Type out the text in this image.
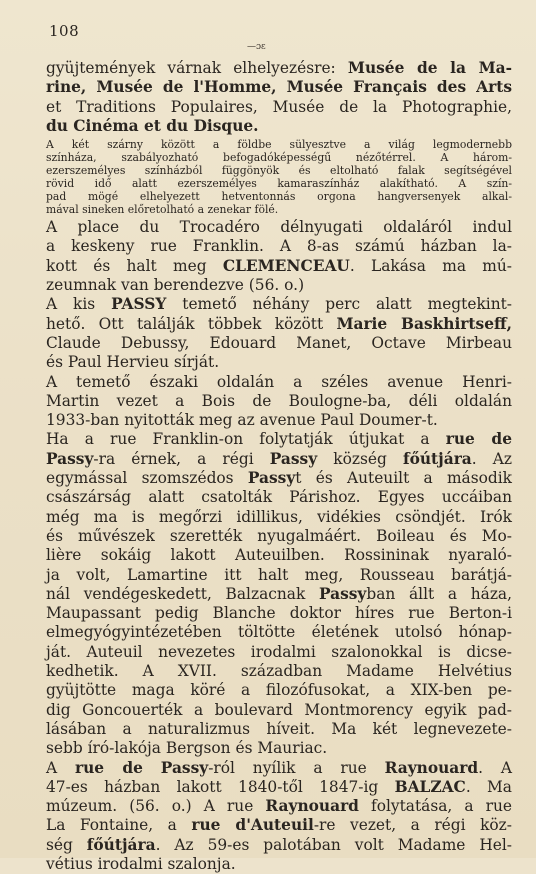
108
—ɔɛ

gyüjtemények várnak elhelyezésre: Musée de la Ma-
rine, Musée de l'Homme, Musée Français des Arts
et Traditions Populaires, Musée de la Photographie,
du Cinéma et du Disque.

A két szárny között a földbe sülyesztve a világ legmodernebb
színháza, szabályozható befogadóképességű nézőtérrel. A három-
ezerszemélyes színházból függönyök és eltolható falak segítségével
rövid idő alatt ezerszemélyes kamaraszínház alakítható. A szín-
pad mögé elhelyezett hetventonnás orgona hangversenyek alkal-
mával sineken előretolható a zenekar fölé.

A place du Trocadéro délnyugati oldaláról indul
a keskeny rue Franklin. A 8-as számú házban la-
kott és halt meg CLEMENCEAU. Lakása ma mú-
zeumnak van berendezve (56. o.)

A kis PASSY temető néhány perc alatt megtekint-
hető. Ott találják többek között Marie Baskhirtseff,
Claude Debussy, Edouard Manet, Octave Mirbeau
és Paul Hervieu sírját.

A temető északi oldalán a széles avenue Henri-
Martin vezet a Bois de Boulogne-ba, déli oldalán
1933-ban nyitották meg az avenue Paul Doumer-t.

Ha a rue Franklin-on folytatják útjukat a rue de
Passy-ra érnek, a régi Passy község főútjára. Az
egymással szomszédos Passyt és Auteuilt a második
császárság alatt csatolták Párishoz. Egyes uccáiban
még ma is megőrzi idillikus, vidékies csöndjét. Irók
és művészek szerették nyugalmáért. Boileau és Mo-
lière sokáig lakott Auteuilben. Rossininak nyaraló-
ja volt, Lamartine itt halt meg, Rousseau barátjá-
nál vendégeskedett, Balzacnak Passyban állt a háza,
Maupassant pedig Blanche doktor híres rue Berton-i
elmegyógyintézetében töltötte életének utolsó hónap-
ját. Auteuil nevezetes irodalmi szalonokkal is dicse-
kedhetik. A XVII. században Madame Helvétius
gyüjtötte maga köré a filozófusokat, a XIX-ben pe-
dig Goncouerték a boulevard Montmorency egyik pad-
lásában a naturalizmus híveit. Ma két legnevezete-
sebb író-lakója Bergson és Mauriac.

A rue de Passy-ról nyílik a rue Raynouard. A
47-es házban lakott 1840-től 1847-ig BALZAC. Ma
múzeum. (56. o.) A rue Raynouard folytatása, a rue
La Fontaine, a rue d'Auteuil-re vezet, a régi köz-
ség főútjára. Az 59-es palotában volt Madame Hel-
vétius irodalmi szalonja.
